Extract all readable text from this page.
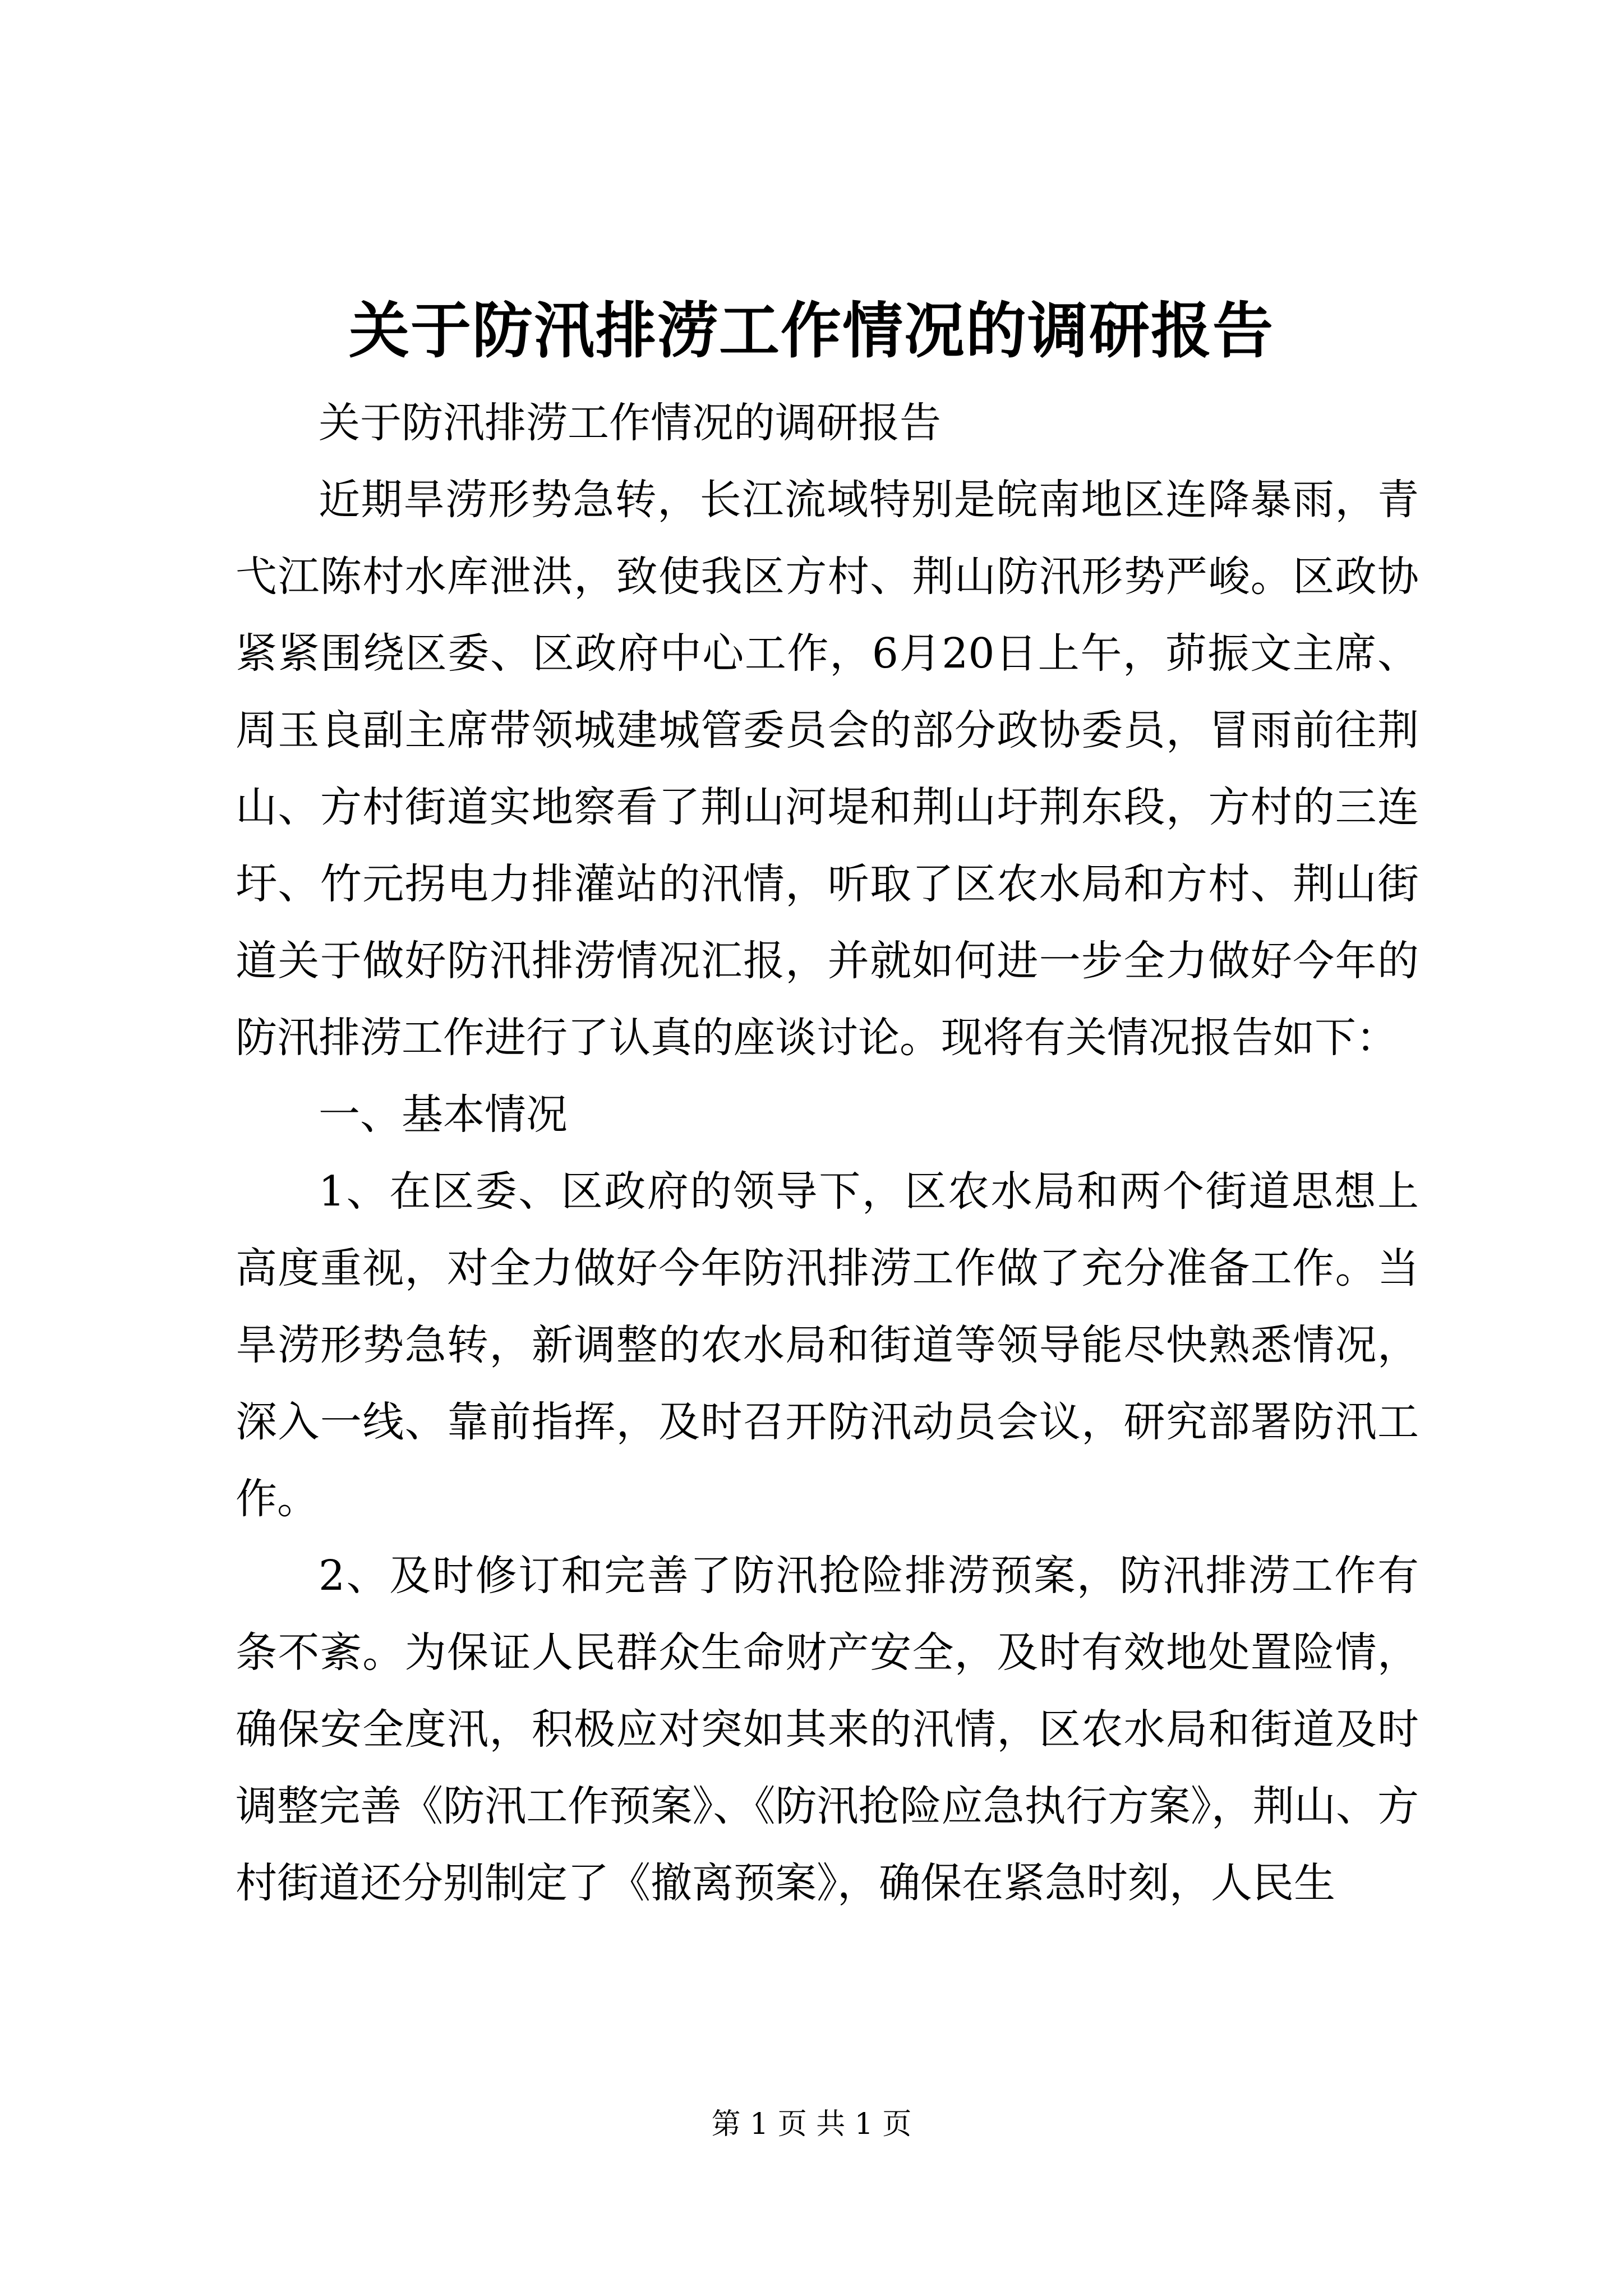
关于防汛排涝工作情况的调研报告

关于防汛排涝工作情况的调研报告

近期旱涝形势急转，长江流域特别是皖南地区连降暴雨，青弋江陈村水库泄洪，致使我区方村、荆山防汛形势严峻。区政协紧紧围绕区委、区政府中心工作，6月20日上午，茆振文主席、周玉良副主席带领城建城管委员会的部分政协委员，冒雨前往荆山、方村街道实地察看了荆山河堤和荆山圩荆东段，方村的三连圩、竹元拐电力排灌站的汛情，听取了区农水局和方村、荆山街道关于做好防汛排涝情况汇报，并就如何进一步全力做好今年的防汛排涝工作进行了认真的座谈讨论。现将有关情况报告如下：

一、基本情况

1、在区委、区政府的领导下，区农水局和两个街道思想上高度重视，对全力做好今年防汛排涝工作做了充分准备工作。当旱涝形势急转，新调整的农水局和街道等领导能尽快熟悉情况，深入一线、靠前指挥，及时召开防汛动员会议，研究部署防汛工作。

2、及时修订和完善了防汛抢险排涝预案，防汛排涝工作有条不紊。为保证人民群众生命财产安全，及时有效地处置险情，确保安全度汛，积极应对突如其来的汛情，区农水局和街道及时调整完善《防汛工作预案》、《防汛抢险应急执行方案》，荆山、方村街道还分别制定了《撤离预案》，确保在紧急时刻，人民生

第 1 页 共 1 页
